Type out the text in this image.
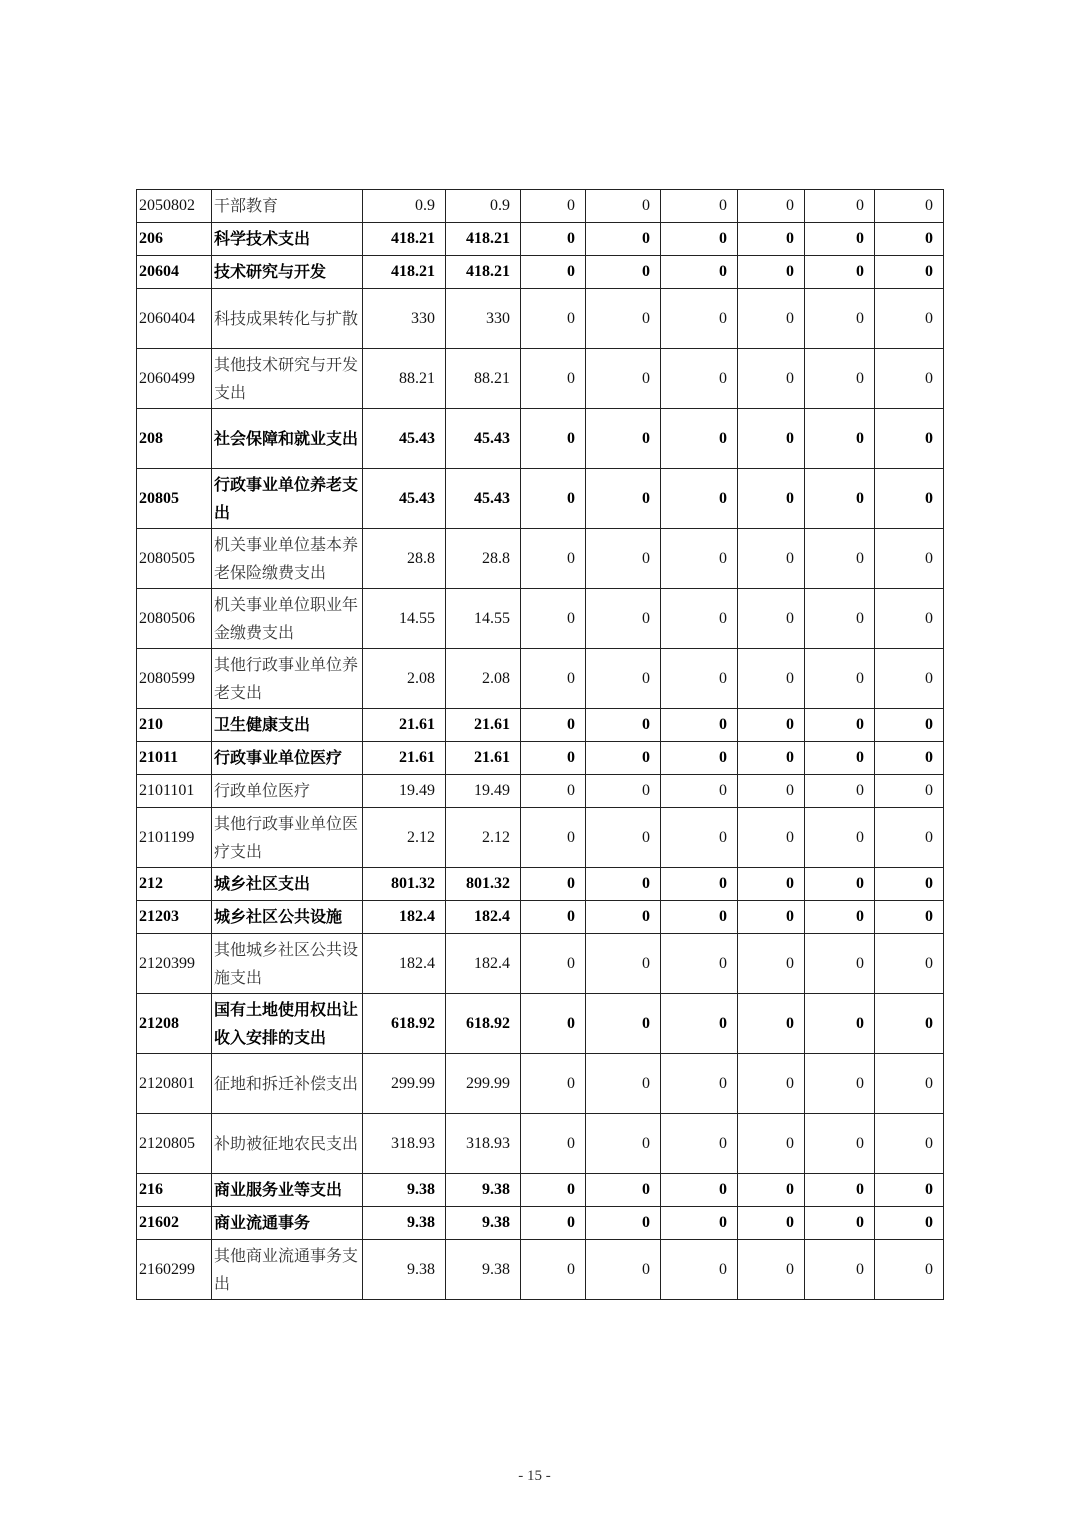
2050802	干部教育	0.9	0.9	0	0	0	0	0	0
206	科学技术支出	418.21	418.21	0	0	0	0	0	0
20604	技术研究与开发	418.21	418.21	0	0	0	0	0	0
2060404	科技成果转化与扩散	330	330	0	0	0	0	0	0
2060499	其他技术研究与开发支出	88.21	88.21	0	0	0	0	0	0
208	社会保障和就业支出	45.43	45.43	0	0	0	0	0	0
20805	行政事业单位养老支出	45.43	45.43	0	0	0	0	0	0
2080505	机关事业单位基本养老保险缴费支出	28.8	28.8	0	0	0	0	0	0
2080506	机关事业单位职业年金缴费支出	14.55	14.55	0	0	0	0	0	0
2080599	其他行政事业单位养老支出	2.08	2.08	0	0	0	0	0	0
210	卫生健康支出	21.61	21.61	0	0	0	0	0	0
21011	行政事业单位医疗	21.61	21.61	0	0	0	0	0	0
2101101	行政单位医疗	19.49	19.49	0	0	0	0	0	0
2101199	其他行政事业单位医疗支出	2.12	2.12	0	0	0	0	0	0
212	城乡社区支出	801.32	801.32	0	0	0	0	0	0
21203	城乡社区公共设施	182.4	182.4	0	0	0	0	0	0
2120399	其他城乡社区公共设施支出	182.4	182.4	0	0	0	0	0	0
21208	国有土地使用权出让收入安排的支出	618.92	618.92	0	0	0	0	0	0
2120801	征地和拆迁补偿支出	299.99	299.99	0	0	0	0	0	0
2120805	补助被征地农民支出	318.93	318.93	0	0	0	0	0	0
216	商业服务业等支出	9.38	9.38	0	0	0	0	0	0
21602	商业流通事务	9.38	9.38	0	0	0	0	0	0
2160299	其他商业流通事务支出	9.38	9.38	0	0	0	0	0	0
- 15 -
